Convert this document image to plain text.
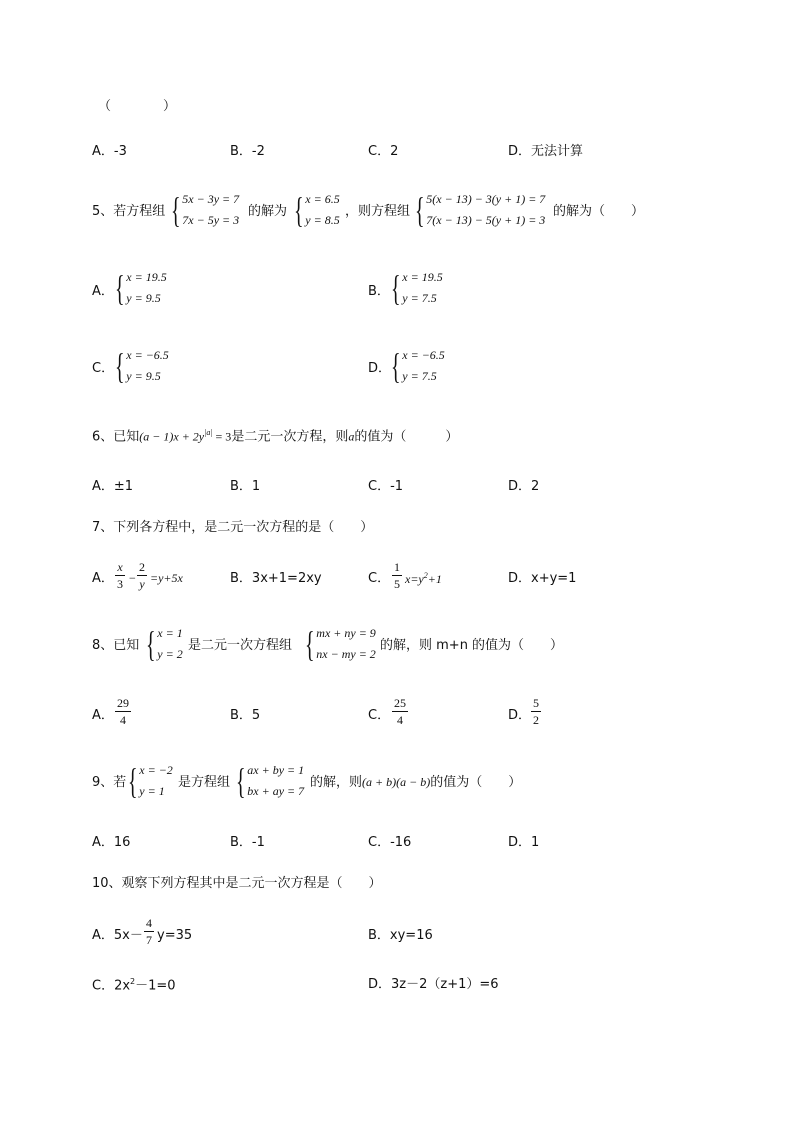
（　　　　）
A．-3	B．-2	C．2	D．无法计算
5、若方程组 { 5x − 3y = 7
7x − 5y = 3
的解为 { x = 6.5
y = 8.5
，则方程组 { 5(x − 13) − 3(y + 1) = 7
7(x − 13) − 5(y + 1) = 3
的解为（　　）
A． { x = 19.5
y = 9.5	B． { x = 19.5
y = 7.5
C． { x = −6.5
y = 9.5	D． { x = −6.5
y = 7.5
6、已知$(a - 1)x + 2y^{|a|} = 3$是二元一次方程，则a的值为（　　　）
A．±1	B．1	C．-1	D．2
7、下列各方程中，是二元一次方程的是（　　）
A．
x
3 −
2
y =y+5x	B．3x+1=2xy	C．
1
5 $x=y^2+1$	D．x+y=1
8、已知 { x = 1
y = 2
是二元一次方程组 { mx + ny = 9
nx − my = 2
的解，则 m+n 的值为（　　）
A．
29
4	B．5	C．
25
4	D．
5
2
9、若 { x = −2
y = 1
是方程组 { ax + by = 1
bx + ay = 7
的解，则(a + b)(a − b)的值为（　　）
A．16	B．-1	C．-16	D．1
10、观察下列方程其中是二元一次方程是（　　）
A．5x－
4
7 y=35	B．xy=16
C．$2x^2-1=0$	D．3z－2（z+1）=6
